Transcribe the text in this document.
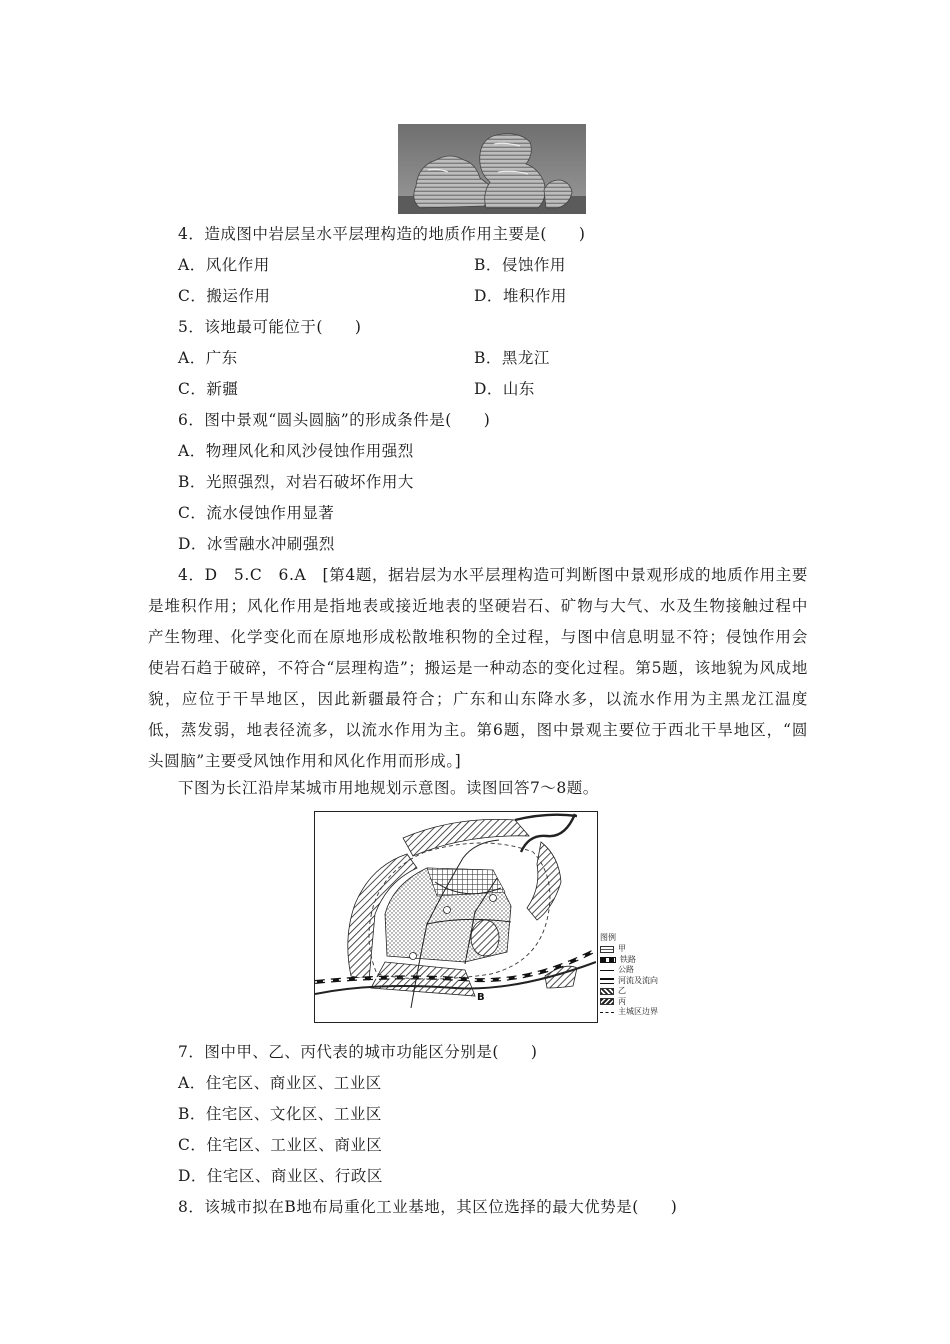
4．造成图中岩层呈水平层理构造的地质作用主要是(　　)
A．风化作用	B．侵蚀作用
C．搬运作用	D．堆积作用
5．该地最可能位于(　　)
A．广东	B．黑龙江
C．新疆	D．山东
6．图中景观“圆头圆脑”的形成条件是(　　)
A．物理风化和风沙侵蚀作用强烈
B．光照强烈，对岩石破坏作用大
C．流水侵蚀作用显著
D．冰雪融水冲刷强烈
4．D　5.C　6.A　[第4题，据岩层为水平层理构造可判断图中景观形成的地质作用主要是堆积作用；风化作用是指地表或接近地表的坚硬岩石、矿物与大气、水及生物接触过程中产生物理、化学变化而在原地形成松散堆积物的全过程，与图中信息明显不符；侵蚀作用会使岩石趋于破碎，不符合“层理构造”；搬运是一种动态的变化过程。第5题，该地貌为风成地貌，应位于干旱地区，因此新疆最符合；广东和山东降水多，以流水作用为主黑龙江温度低，蒸发弱，地表径流多，以流水作用为主。第6题，图中景观主要位于西北干旱地区，“圆头圆脑”主要受风蚀作用和风化作用而形成。]
下图为长江沿岸某城市用地规划示意图。读图回答7～8题。
B
图例
甲
铁路
公路
河流及流向
乙
丙
主城区边界
7．图中甲、乙、丙代表的城市功能区分别是(　　)
A．住宅区、商业区、工业区
B．住宅区、文化区、工业区
C．住宅区、工业区、商业区
D．住宅区、商业区、行政区
8．该城市拟在B地布局重化工业基地，其区位选择的最大优势是(　　)
